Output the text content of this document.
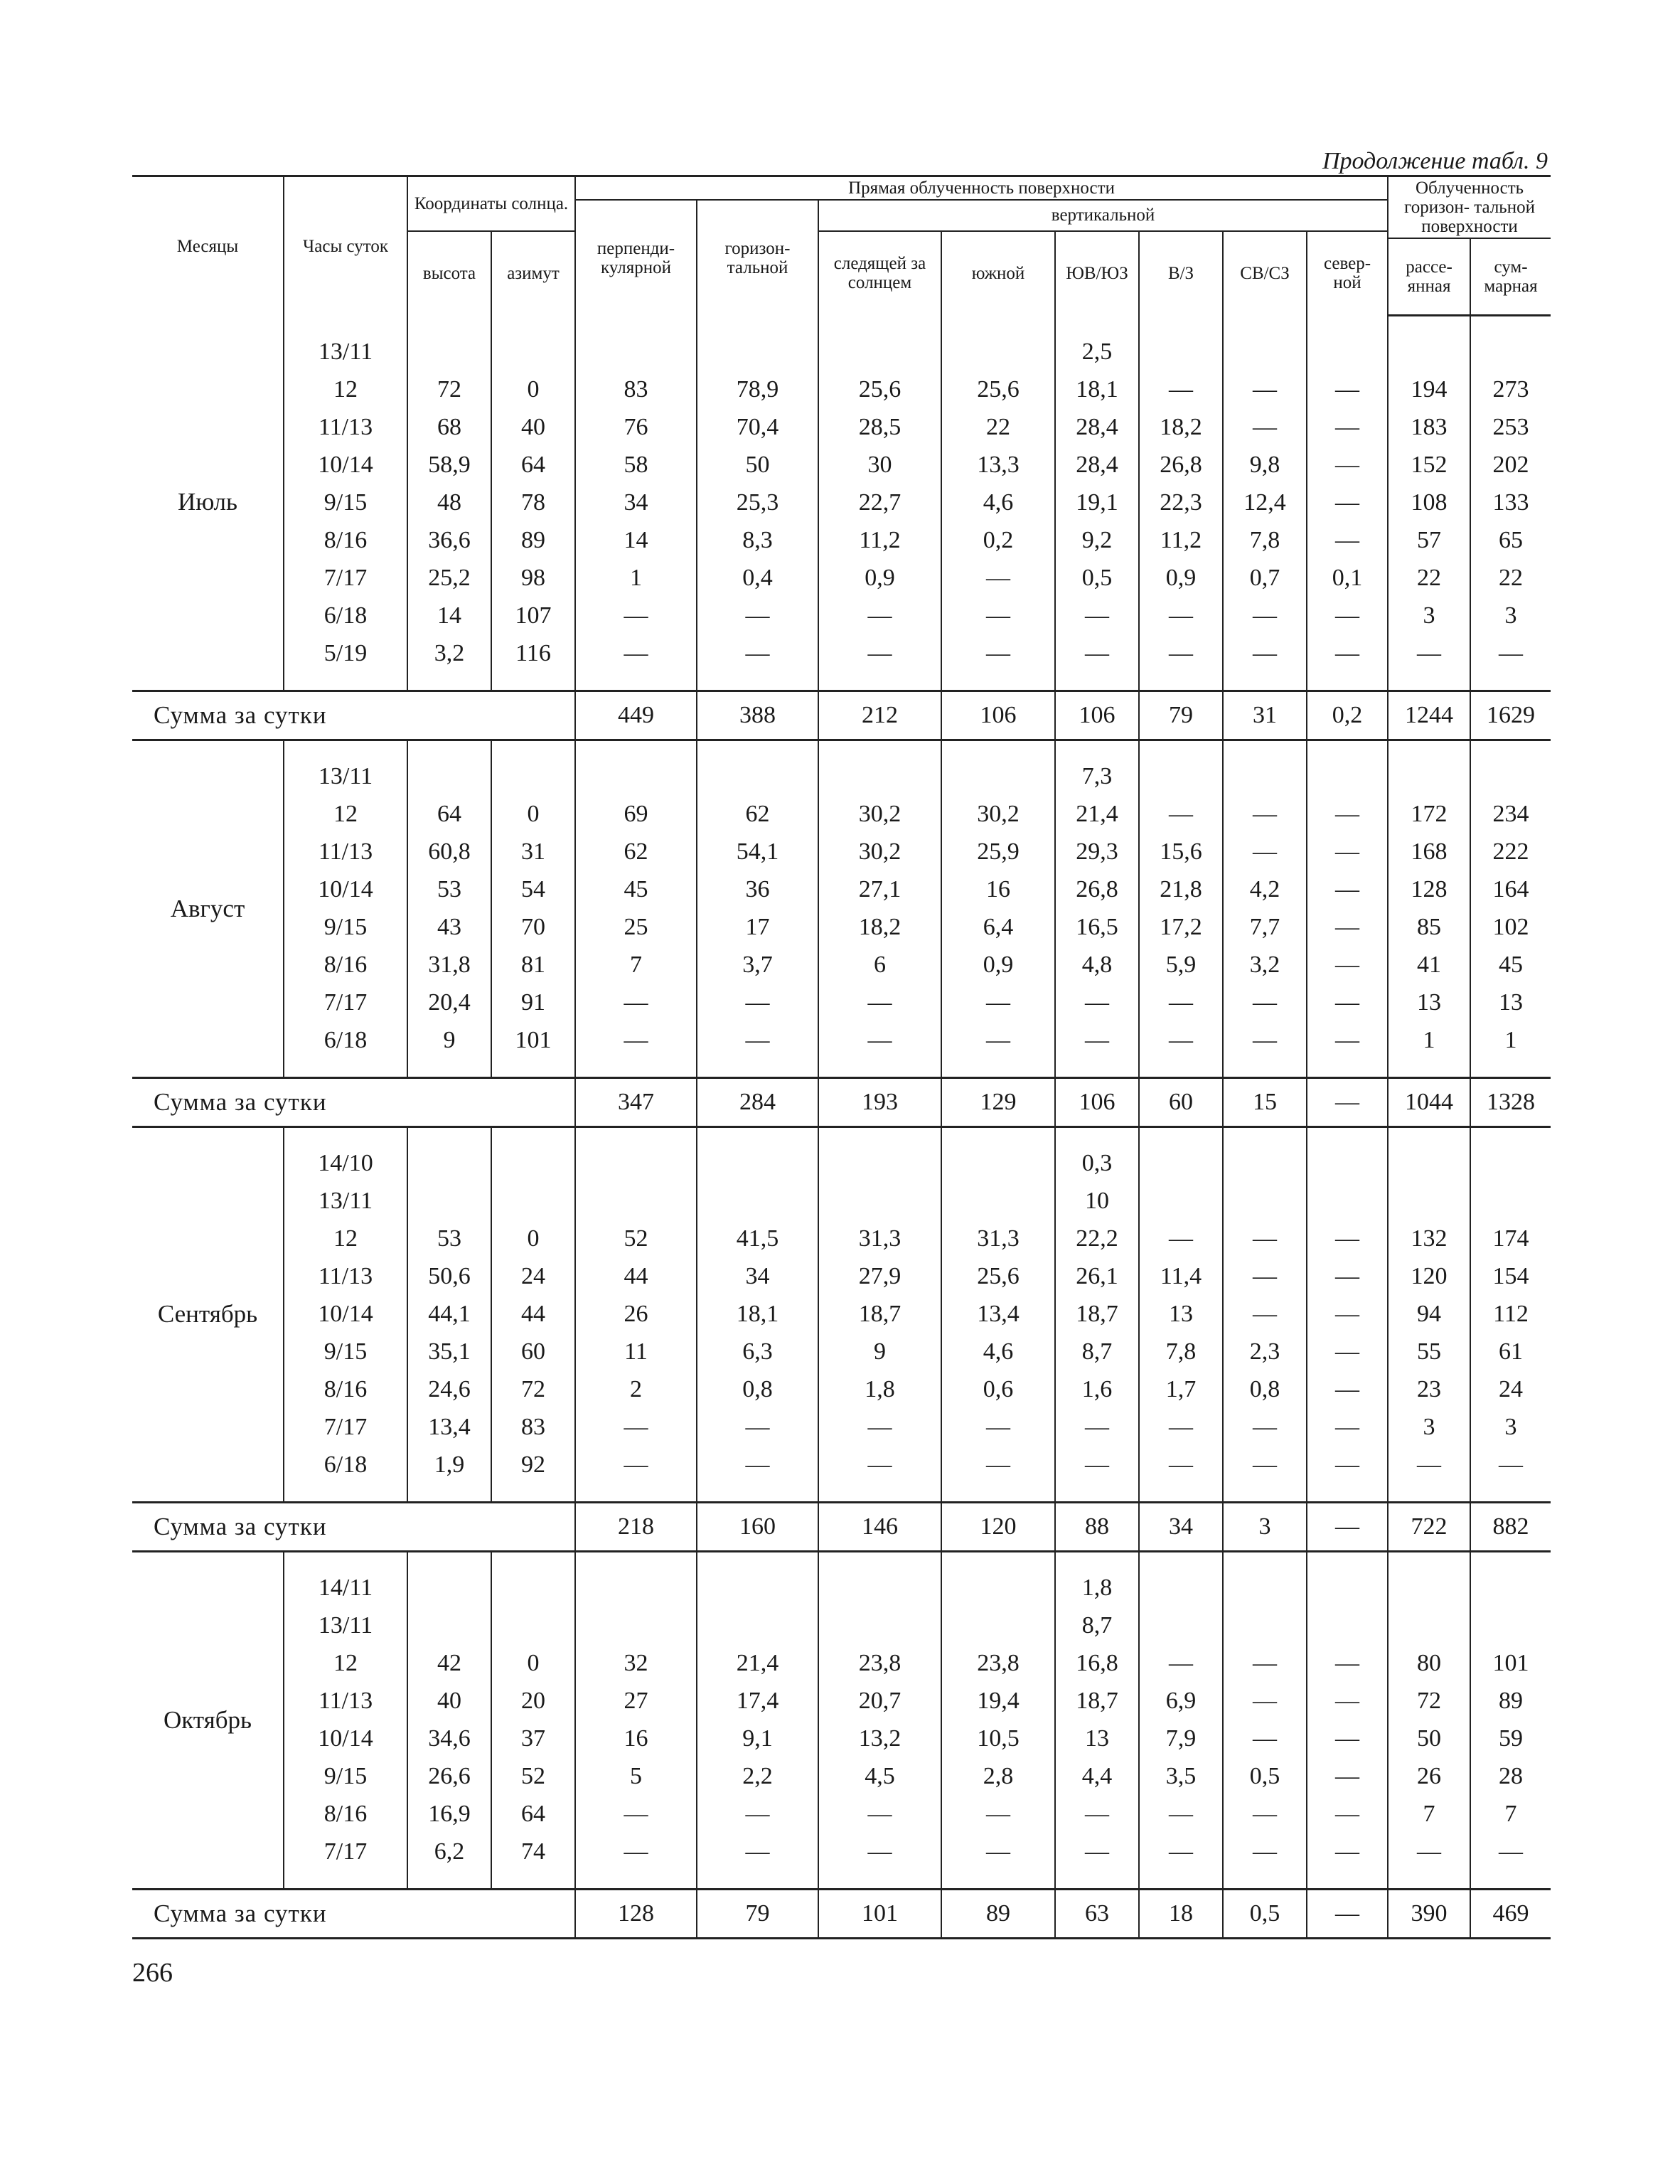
Продолжение табл. 9
Месяцы	Часы суток	Координаты солнца.		Прямая облученность поверхности								Облученность горизон- тальной поверхности	
				перпенди- кулярной	горизон- тальной	вертикальной							
		высота	азимут			следящей за солнцем	южной	ЮВ/ЮЗ	В/З	СВ/СЗ	север- ной		
												рассе- янная	сум- марная
Июль													
	13/11							2,5					
	12	72	0	83	78,9	25,6	25,6	18,1	—	—	—	194	273
	11/13	68	40	76	70,4	28,5	22	28,4	18,2	—	—	183	253
	10/14	58,9	64	58	50	30	13,3	28,4	26,8	9,8	—	152	202
	9/15	48	78	34	25,3	22,7	4,6	19,1	22,3	12,4	—	108	133
	8/16	36,6	89	14	8,3	11,2	0,2	9,2	11,2	7,8	—	57	65
	7/17	25,2	98	1	0,4	0,9	—	0,5	0,9	0,7	0,1	22	22
	6/18	14	107	—	—	—	—	—	—	—	—	3	3
	5/19	3,2	116	—	—	—	—	—	—	—	—	—	—

Сумма за сутки				449	388	212	106	106	79	31	0,2	1244	1629
Август													
	13/11							7,3					
	12	64	0	69	62	30,2	30,2	21,4	—	—	—	172	234
	11/13	60,8	31	62	54,1	30,2	25,9	29,3	15,6	—	—	168	222
	10/14	53	54	45	36	27,1	16	26,8	21,8	4,2	—	128	164
	9/15	43	70	25	17	18,2	6,4	16,5	17,2	7,7	—	85	102
	8/16	31,8	81	7	3,7	6	0,9	4,8	5,9	3,2	—	41	45
	7/17	20,4	91	—	—	—	—	—	—	—	—	13	13
	6/18	9	101	—	—	—	—	—	—	—	—	1	1

Сумма за сутки				347	284	193	129	106	60	15	—	1044	1328
Сентябрь													
	14/10							0,3					
	13/11							10					
	12	53	0	52	41,5	31,3	31,3	22,2	—	—	—	132	174
	11/13	50,6	24	44	34	27,9	25,6	26,1	11,4	—	—	120	154
	10/14	44,1	44	26	18,1	18,7	13,4	18,7	13	—	—	94	112
	9/15	35,1	60	11	6,3	9	4,6	8,7	7,8	2,3	—	55	61
	8/16	24,6	72	2	0,8	1,8	0,6	1,6	1,7	0,8	—	23	24
	7/17	13,4	83	—	—	—	—	—	—	—	—	3	3
	6/18	1,9	92	—	—	—	—	—	—	—	—	—	—

Сумма за сутки				218	160	146	120	88	34	3	—	722	882
Октябрь													
	14/11							1,8					
	13/11							8,7					
	12	42	0	32	21,4	23,8	23,8	16,8	—	—	—	80	101
	11/13	40	20	27	17,4	20,7	19,4	18,7	6,9	—	—	72	89
	10/14	34,6	37	16	9,1	13,2	10,5	13	7,9	—	—	50	59
	9/15	26,6	52	5	2,2	4,5	2,8	4,4	3,5	0,5	—	26	28
	8/16	16,9	64	—	—	—	—	—	—	—	—	7	7
	7/17	6,2	74	—	—	—	—	—	—	—	—	—	—

Сумма за сутки				128	79	101	89	63	18	0,5	—	390	469
266
